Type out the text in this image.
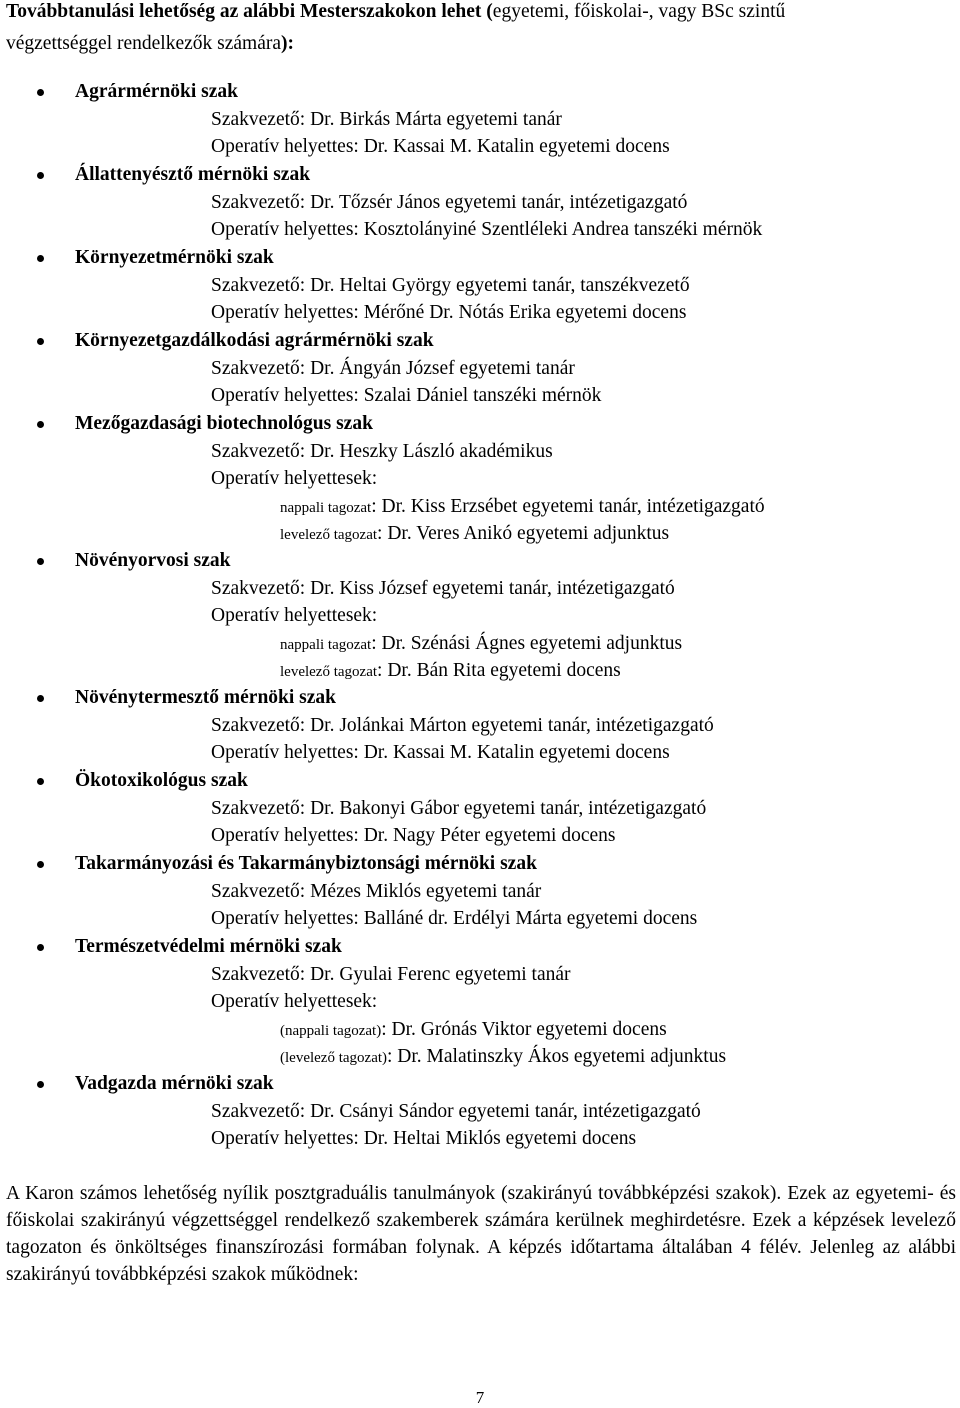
Továbbtanulási lehetőség az alábbi Mesterszakokon lehet (egyetemi, főiskolai-, vagy BSc szintű
végzettséggel rendelkezők számára):
Agrármérnöki szak
Szakvezető: Dr. Birkás Márta egyetemi tanár
Operatív helyettes: Dr. Kassai M. Katalin egyetemi docens
Állattenyésztő mérnöki szak
Szakvezető: Dr. Tőzsér János egyetemi tanár, intézetigazgató
Operatív helyettes: Kosztolányiné Szentléleki Andrea tanszéki mérnök
Környezetmérnöki szak
Szakvezető: Dr. Heltai György egyetemi tanár, tanszékvezető
Operatív helyettes: Mérőné Dr. Nótás Erika egyetemi docens
Környezetgazdálkodási agrármérnöki szak
Szakvezető: Dr. Ángyán József egyetemi tanár
Operatív helyettes: Szalai Dániel tanszéki mérnök
Mezőgazdasági biotechnológus szak
Szakvezető: Dr. Heszky László akadémikus
Operatív helyettesek:
nappali tagozat: Dr. Kiss Erzsébet egyetemi tanár, intézetigazgató
levelező tagozat: Dr. Veres Anikó egyetemi adjunktus
Növényorvosi szak
Szakvezető: Dr. Kiss József egyetemi tanár, intézetigazgató
Operatív helyettesek:
nappali tagozat: Dr. Szénási Ágnes egyetemi adjunktus
levelező tagozat: Dr. Bán Rita egyetemi docens
Növénytermesztő mérnöki szak
Szakvezető: Dr. Jolánkai Márton egyetemi tanár, intézetigazgató
Operatív helyettes: Dr. Kassai M. Katalin egyetemi docens
Ökotoxikológus szak
Szakvezető: Dr. Bakonyi Gábor egyetemi tanár, intézetigazgató
Operatív helyettes: Dr. Nagy Péter egyetemi docens
Takarmányozási és Takarmánybiztonsági mérnöki szak
Szakvezető: Mézes Miklós egyetemi tanár
Operatív helyettes: Balláné dr. Erdélyi Márta egyetemi docens
Természetvédelmi mérnöki szak
Szakvezető: Dr. Gyulai Ferenc egyetemi tanár
Operatív helyettesek:
(nappali tagozat): Dr. Grónás Viktor egyetemi docens
(levelező tagozat): Dr. Malatinszky Ákos egyetemi adjunktus
Vadgazda mérnöki szak
Szakvezető: Dr. Csányi Sándor egyetemi tanár, intézetigazgató
Operatív helyettes: Dr. Heltai Miklós egyetemi docens
A Karon számos lehetőség nyílik posztgraduális tanulmányok (szakirányú továbbképzési szakok). Ezek az egyetemi- és főiskolai szakirányú végzettséggel rendelkező szakemberek számára kerülnek meghirdetésre. Ezek a képzések levelező tagozaton és önköltséges finanszírozási formában folynak. A képzés időtartama általában 4 félév. Jelenleg az alábbi szakirányú továbbképzési szakok működnek:
7
